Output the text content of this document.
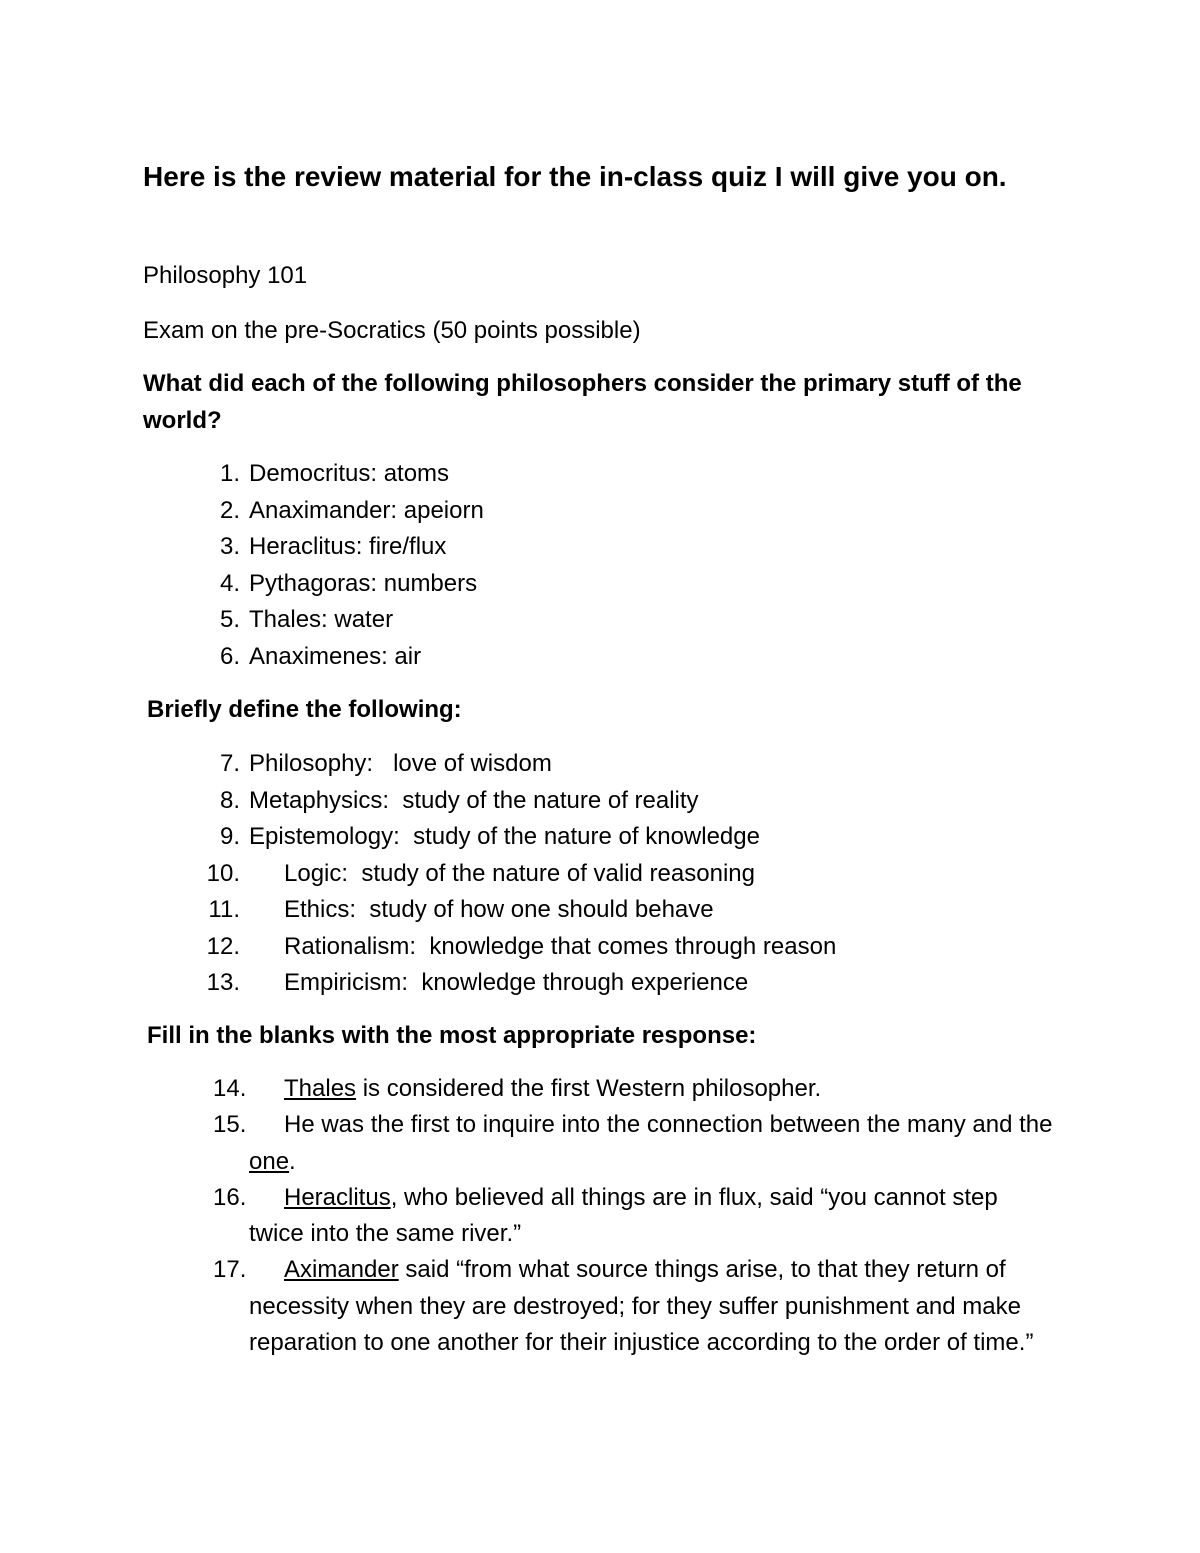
Here is the review material for the in-class quiz I will give you on.

Philosophy 101

Exam on the pre-Socratics (50 points possible)

What did each of the following philosophers consider the primary stuff of the world?
1. Democritus: atoms

2. Anaximander: apeiorn

3. Heraclitus: fire/flux

4. Pythagoras: numbers

5. Thales: water

6. Anaximenes: air

Briefly define the following:
7. Philosophy:   love of wisdom

8. Metaphysics:  study of the nature of reality

9. Epistemology:  study of the nature of knowledge

10. Logic:  study of the nature of valid reasoning

11. Ethics:  study of how one should behave

12. Rationalism:  knowledge that comes through reason

13. Empiricism:  knowledge through experience

Fill in the blanks with the most appropriate response:
14.	Thales is considered the first Western philosopher.
15.	He was the first to inquire into the connection between the many and the one.
16.	Heraclitus, who believed all things are in flux, said “you cannot step twice into the same river.”
17.	Aximander said “from what source things arise, to that they return of necessity when they are destroyed; for they suffer punishment and make reparation to one another for their injustice according to the order of time.”
